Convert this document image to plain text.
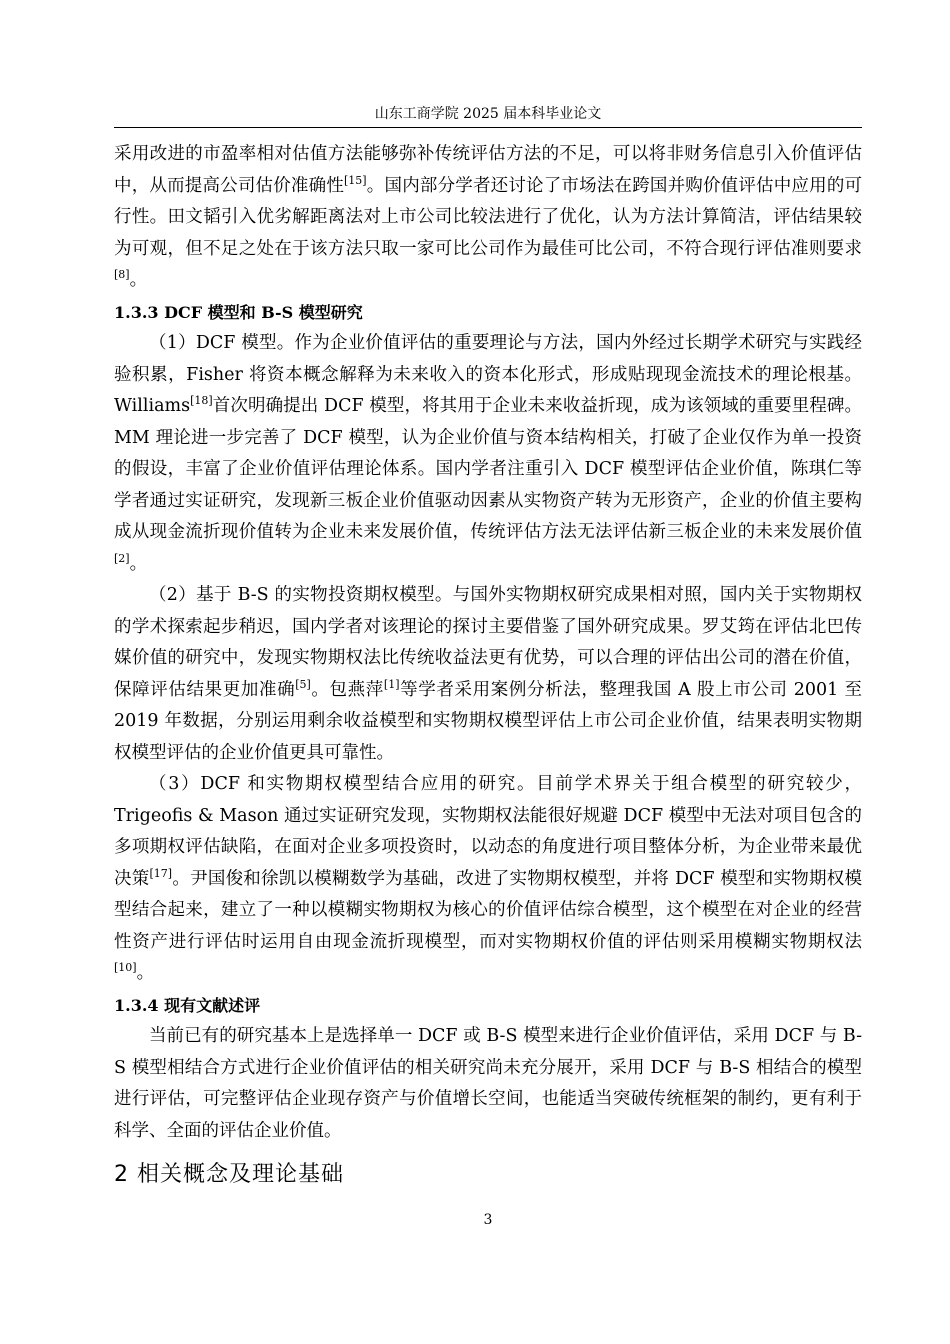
山东工商学院 2025 届本科毕业论文

采用改进的市盈率相对估值方法能够弥补传统评估方法的不足，可以将非财务信息引入价值评估中，从而提高公司估价准确性[15]。国内部分学者还讨论了市场法在跨国并购价值评估中应用的可行性。田文韬引入优劣解距离法对上市公司比较法进行了优化，认为方法计算简洁，评估结果较为可观，但不足之处在于该方法只取一家可比公司作为最佳可比公司，不符合现行评估准则要求[8]。

1.3.3 DCF 模型和 B-S 模型研究

（1）DCF 模型。作为企业价值评估的重要理论与方法，国内外经过长期学术研究与实践经验积累，Fisher 将资本概念解释为未来收入的资本化形式，形成贴现现金流技术的理论根基。Williams[18]首次明确提出 DCF 模型，将其用于企业未来收益折现，成为该领域的重要里程碑。MM 理论进一步完善了 DCF 模型，认为企业价值与资本结构相关，打破了企业仅作为单一投资的假设，丰富了企业价值评估理论体系。国内学者注重引入 DCF 模型评估企业价值，陈琪仁等学者通过实证研究，发现新三板企业价值驱动因素从实物资产转为无形资产，企业的价值主要构成从现金流折现价值转为企业未来发展价值，传统评估方法无法评估新三板企业的未来发展价值[2]。

（2）基于 B-S 的实物投资期权模型。与国外实物期权研究成果相对照，国内关于实物期权的学术探索起步稍迟，国内学者对该理论的探讨主要借鉴了国外研究成果。罗艾筠在评估北巴传媒价值的研究中，发现实物期权法比传统收益法更有优势，可以合理的评估出公司的潜在价值，保障评估结果更加准确[5]。包燕萍[1]等学者采用案例分析法，整理我国 A 股上市公司 2001 至 2019 年数据，分别运用剩余收益模型和实物期权模型评估上市公司企业价值，结果表明实物期权模型评估的企业价值更具可靠性。

（3）DCF 和实物期权模型结合应用的研究。目前学术界关于组合模型的研究较少，Trigeofis & Mason 通过实证研究发现，实物期权法能很好规避 DCF 模型中无法对项目包含的多项期权评估缺陷，在面对企业多项投资时，以动态的角度进行项目整体分析，为企业带来最优决策[17]。尹国俊和徐凯以模糊数学为基础，改进了实物期权模型，并将 DCF 模型和实物期权模型结合起来，建立了一种以模糊实物期权为核心的价值评估综合模型，这个模型在对企业的经营性资产进行评估时运用自由现金流折现模型，而对实物期权价值的评估则采用模糊实物期权法[10]。

1.3.4 现有文献述评

当前已有的研究基本上是选择单一 DCF 或 B-S 模型来进行企业价值评估，采用 DCF 与 B-S 模型相结合方式进行企业价值评估的相关研究尚未充分展开，采用 DCF 与 B-S 相结合的模型进行评估，可完整评估企业现存资产与价值增长空间，也能适当突破传统框架的制约，更有利于科学、全面的评估企业价值。

2 相关概念及理论基础
3
